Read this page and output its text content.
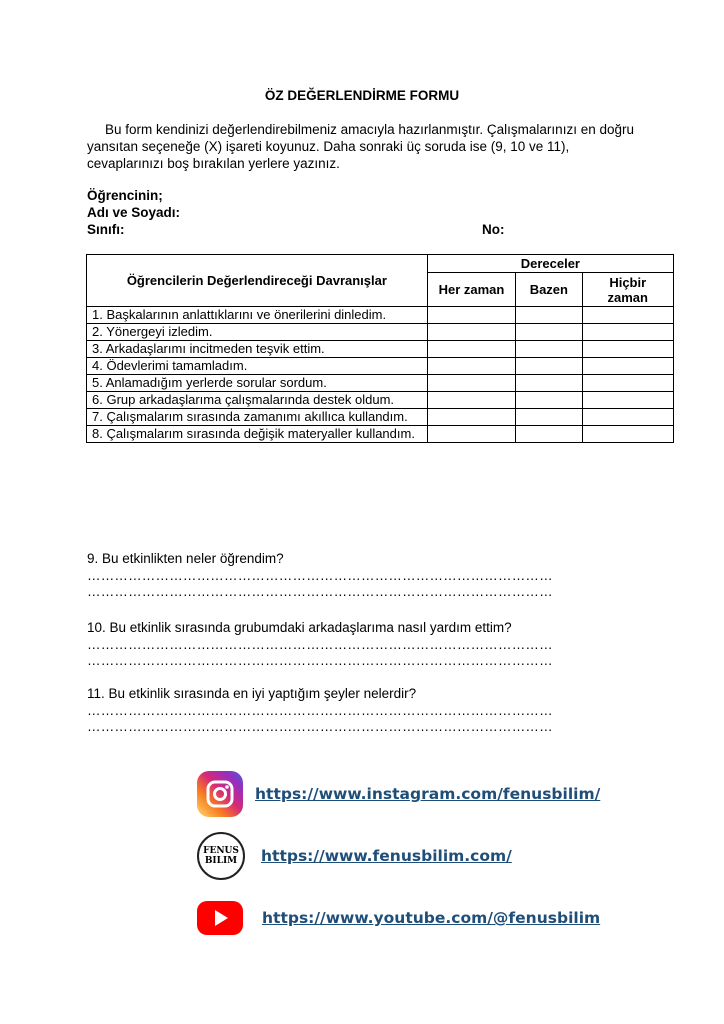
ÖZ DEĞERLENDİRME FORMU

Bu form kendinizi değerlendirebilmeniz amacıyla hazırlanmıştır. Çalışmalarınızı en doğru yansıtan seçeneğe (X) işareti koyunuz. Daha sonraki üç soruda ise (9, 10 ve 11), cevaplarınızı boş bırakılan yerlere yazınız.

Öğrencinin;
Adı ve Soyadı:
Sınıfı:	No:
Öğrencilerin Değerlendireceği Davranışlar	Dereceler		
	Her zaman	Bazen	Hiçbir zaman
1. Başkalarının anlattıklarını ve önerilerini dinledim.			
2. Yönergeyi izledim.			
3. Arkadaşlarımı incitmeden teşvik ettim.			
4. Ödevlerimi tamamladım.			
5. Anlamadığım yerlerde sorular sordum.			
6. Grup arkadaşlarıma çalışmalarında destek oldum.			
7. Çalışmalarım sırasında zamanımı akıllıca kullandım.			
8. Çalışmalarım sırasında değişik materyaller kullandım.			
9. Bu etkinlikten neler öğrendim?
…………………………………………………………………………………………
…………………………………………………………………………………………
10. Bu etkinlik sırasında grubumdaki arkadaşlarıma nasıl yardım ettim?
…………………………………………………………………………………………
…………………………………………………………………………………………
11. Bu etkinlik sırasında en iyi yaptığım şeyler nelerdir?
…………………………………………………………………………………………
…………………………………………………………………………………………
https://www.instagram.com/fenusbilim/
FENUS
BILIM https://www.fenusbilim.com/
https://www.youtube.com/@fenusbilim
